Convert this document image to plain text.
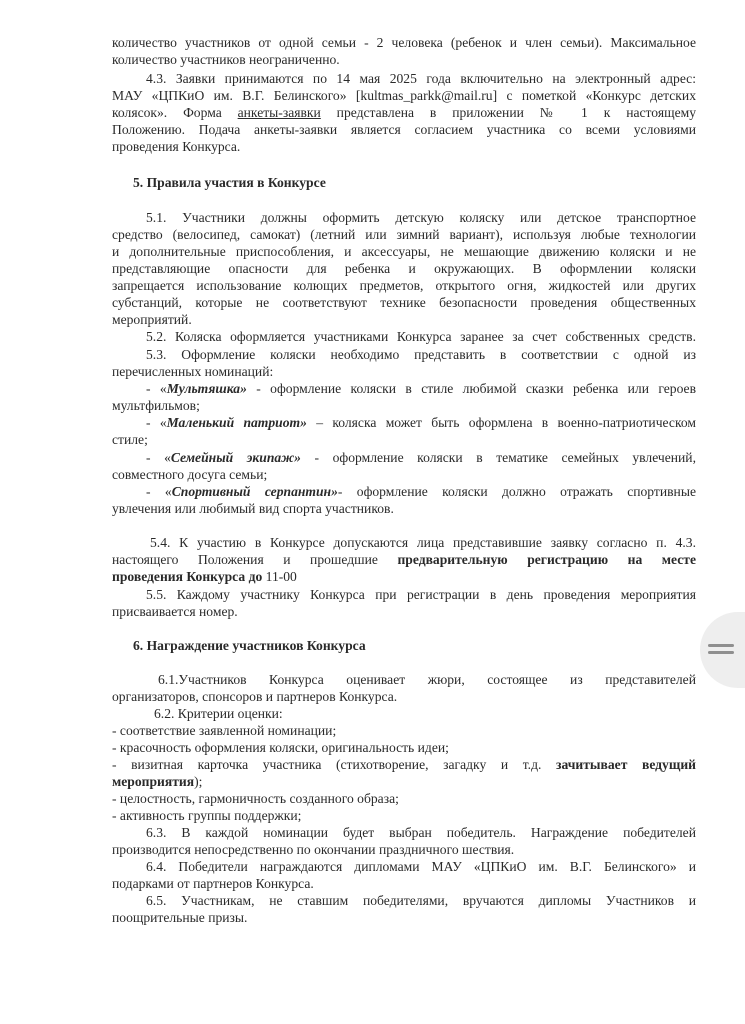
количество участников от одной семьи - 2 человека (ребенок и член семьи). Максимальное
количество участников неограниченно.
4.3. Заявки принимаются по 14 мая 2025 года включительно на электронный адрес:
МАУ «ЦПКиО им. В.Г. Белинского» [kultmas_parkk@mail.ru] с пометкой «Конкурс детских
колясок». Форма анкеты-заявки представлена в приложении № 1 к настоящему
Положению. Подача анкеты-заявки является согласием участника со всеми условиями
проведения Конкурса.
5. Правила участия в Конкурсе
5.1. Участники должны оформить детскую коляску или детское транспортное
средство (велосипед, самокат) (летний или зимний вариант), используя любые технологии
и дополнительные приспособления, и аксессуары, не мешающие движению коляски и не
представляющие опасности для ребенка и окружающих. В оформлении коляски
запрещается использование колющих предметов, открытого огня, жидкостей или других
субстанций, которые не соответствуют технике безопасности проведения общественных
мероприятий.
5.2. Коляска оформляется участниками Конкурса заранее за счет собственных средств.
5.3. Оформление коляски необходимо представить в соответствии с одной из
перечисленных номинаций:
- «Мультяшка» - оформление коляски в стиле любимой сказки ребенка или героев
мультфильмов;
- «Маленький патриот» – коляска может быть оформлена в военно-патриотическом
стиле;
- «Семейный экипаж» - оформление коляски в тематике семейных увлечений,
совместного досуга семьи;
- «Спортивный серпантин»- оформление коляски должно отражать спортивные
увлечения или любимый вид спорта участников.
5.4. К участию в Конкурсе допускаются лица представившие заявку согласно п. 4.3.
настоящего Положения и прошедшие предварительную регистрацию на месте
проведения Конкурса до 11-00
5.5. Каждому участнику Конкурса при регистрации в день проведения мероприятия
присваивается номер.
6. Награждение участников Конкурса
6.1.Участников Конкурса оценивает жюри, состоящее из представителей
организаторов, спонсоров и партнеров Конкурса.
6.2. Критерии оценки:
- соответствие заявленной номинации;
- красочность оформления коляски, оригинальность идеи;
- визитная карточка участника (стихотворение, загадку и т.д. зачитывает ведущий
мероприятия);
- целостность, гармоничность созданного образа;
- активность группы поддержки;
6.3. В каждой номинации будет выбран победитель. Награждение победителей
производится непосредственно по окончании праздничного шествия.
6.4. Победители награждаются дипломами МАУ «ЦПКиО им. В.Г. Белинского» и
подарками от партнеров Конкурса.
6.5. Участникам, не ставшим победителями, вручаются дипломы Участников и
поощрительные призы.
